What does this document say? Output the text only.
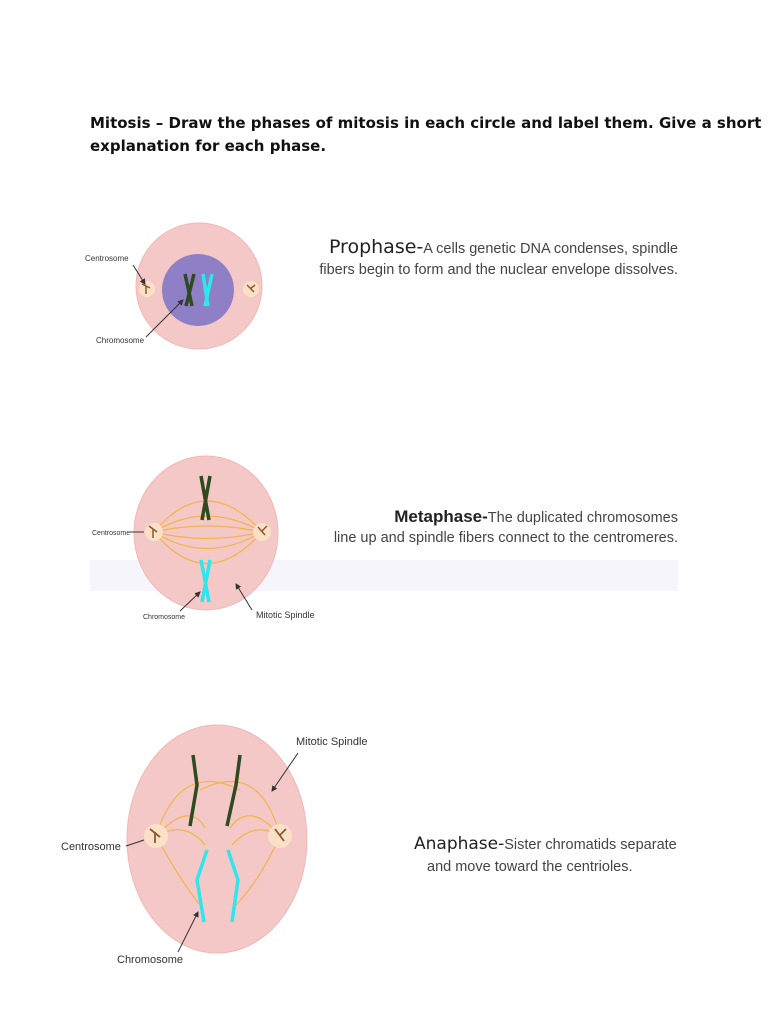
Mitosis – Draw the phases of mitosis in each circle and label them. Give a short
explanation for each phase.
Centrosome
Chromosome
Centrosome
Chromosome	Mitotic Spindle
Centrosome
Chromosome
Mitotic Spindle
Prophase-A cells genetic DNA condenses, spindle
fibers begin to form and the nuclear envelope dissolves.
Metaphase-The duplicated chromosomes
line up and spindle fibers connect to the centromeres.
Anaphase-Sister chromatids separate
and move toward the centrioles.
